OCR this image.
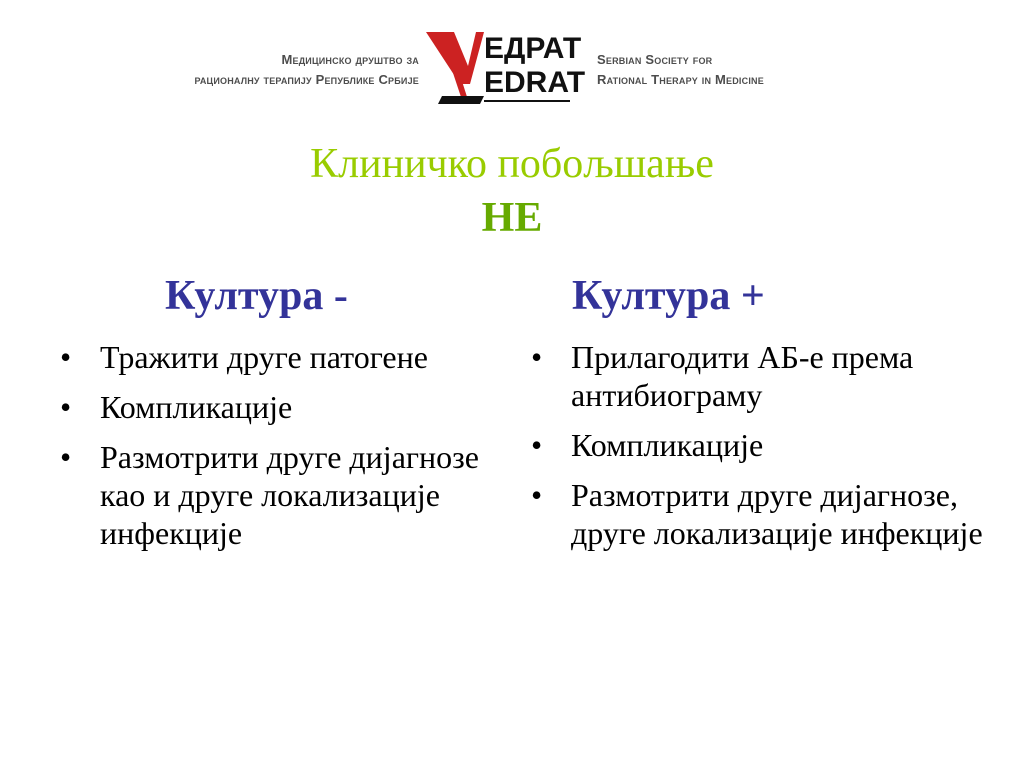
Медицинско друштво за
рационалну терапију Републике Србије
ЕДРАТ
EDRAT
Serbian Society for
Rational Therapy in Medicine
Клиничко побољшање
НЕ
Култура -
• Тражити друге патогене
• Компликације
• Размотрити друге дијагнозе као и друге локализације инфекције
Култура +
• Прилагодити АБ-е према антибиограму
• Компликације
• Размотрити друге дијагнозе, друге локализације инфекције
